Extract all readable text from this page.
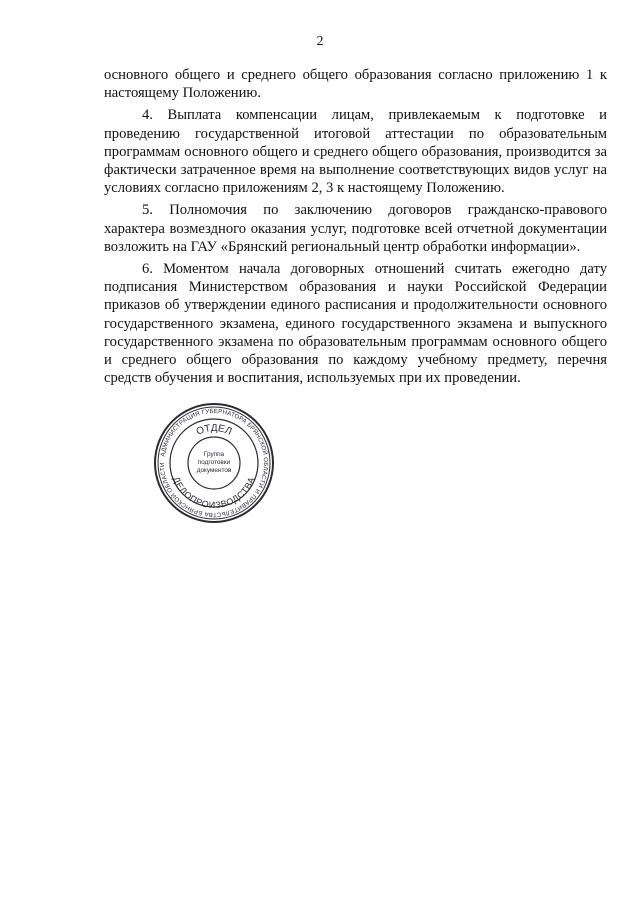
2

основного общего и среднего общего образования согласно приложению 1 к настоящему Положению.

4. Выплата компенсации лицам, привлекаемым к подготовке и проведению государственной итоговой аттестации по образовательным программам основного общего и среднего общего образования, производится за фактически затраченное время на выполнение соответствующих видов услуг на условиях согласно приложениям 2, 3 к настоящему Положению.

5. Полномочия по заключению договоров гражданско-правового характера возмездного оказания услуг, подготовке всей отчетной документации возложить на ГАУ «Брянский региональный центр обработки информации».

6. Моментом начала договорных отношений считать ежегодно дату подписания Министерством образования и науки Российской Федерации приказов об утверждении единого расписания и продолжительности основного государственного экзамена, единого государственного экзамена и выпускного государственного экзамена по образовательным программам основного общего и среднего общего образования по каждому учебному предмету, перечня средств обучения и воспитания, используемых при их проведении.

АДМИНИСТРАЦИЯ ГУБЕРНАТОРА БРЯНСКОЙ ОБЛАСТИ И ПРАВИТЕЛЬСТВА БРЯНСКОЙ ОБЛАСТИ
ОТДЕЛ
ДЕЛОПРОИЗВОДСТВА
Группа
подготовки
документов
